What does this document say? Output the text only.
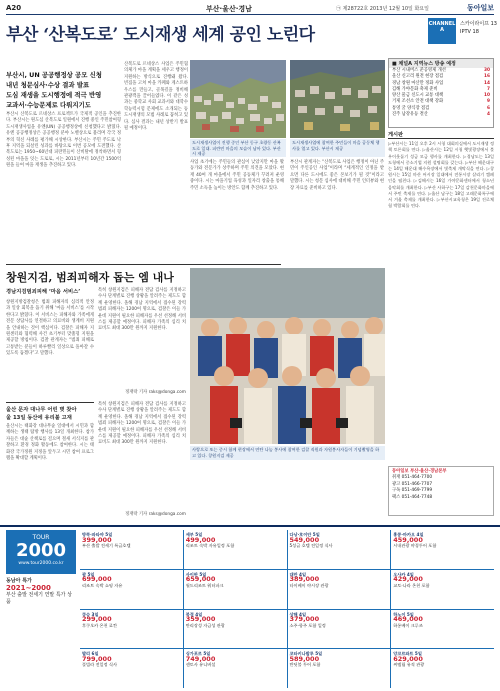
A20	부산·울산·경남	㉠ 제28722호 2013년 12월 10일 화요일	동아일보
부산 ‘산복도로’ 도시재생 세계 공인 노린다
CHANNEL A
스카이라이프 13
IPTV 18
부산시, UN 공공행정상 공모 신청
내년 청문심사·수상 결과 발표
도심 재생을 도시행정에 적극 반영
교과서·수능문제로 다뤄지기도
부산시 산복도로 르네상스 프로젝트가 국제적 공인을 추진한다. 부산시는 원도심 산복도로 일원에서 진행 중인 주민참여형 도시재생사업을 유엔(UN) 공공행정상에 신청했다고 밝혔다. 유엔 공공행정상은 공공행정 분야 노벨상으로 불리며 각국 정부의 혁신 사례를 평가해 시상한다. 부산시는 주민 주도로 낙후 지역을 되살린 성과를 바탕으로 이번 공모에 도전했다. 산복도로는 1950~60년대 피란민들이 산비탈에 정착하면서 형성된 마을을 잇는 도로로, 시는 2011년부터 10년간 1500억 원을 들여 마을 재생을 추진하고 있다.
산복도로 르네상스 사업은 주민협의체가 마을 계획을 세우고 행정이 지원하는 방식으로 진행돼 왔다. 빈집을 고쳐 마을 카페와 게스트하우스를 만들고, 골목길을 정비해 관광객을 끌어들였다. 이 같은 성과는 중학교 사회 교과서와 대학수학능력시험 문제에도 소개되는 등 도시재생의 모범 사례로 꼽히고 있다. 심사 결과는 내년 상반기 발표될 예정이다.
도시재생사업이 진행 중인 부산 동구 초량동 산복도로 일대. 피란민 마을의 모습이 남아 있다. 부산시 제공
도시재생사업에 참여한 주민들이 마을 공동체 행사를 열고 있다. 부산시 제공
사업 초기에는 주민들의 관심이 낮았지만 마을 활동가와 전문가가 상주하며 주민 의견을 모았다. 현재 40여 개 마을에서 주민 공동체가 꾸려져 운영 중이다. 시는 마을기업 육성과 일자리 창출을 통해 주민 소득을 높이는 방안도 함께 추진하고 있다.
부산시 관계자는 “산복도로 사업은 행정이 아닌 주민이 주인공인 사업”이라며 “세계적인 인정을 받으면 다른 도시에도 좋은 본보기가 될 것”이라고 말했다. 시는 청문 심사에 대비해 주민 인터뷰와 현장 자료를 준비하고 있다.
■ 채널A 지역뉴스 방송 예정
부산 시내버스 준공영제 개선	30
울산 신고리 원전 현장 점검	16
경남 창원 마산만 정화 사업	14
김해 가야문화 축제 준비	7
양산 물금 신도시 교통 대책	10
거제 조선소 안전 대책 강화	9
통영 굴 양식장 점검	6
진주 남강유등 결산	4
게시판
▷부산시는 11일 오후 2시 시청 대회의실에서 도시재생 정책 토론회를 연다. ▷울산시는 12일 시청 햇빛광장에서 불우이웃돕기 성금 모금 행사를 개최한다. ▷경남도는 13일 도청에서 중소기업 지원 설명회를 갖는다. ▷부산 해운대구는 14일 해운대 해수욕장에서 빛축제 개막식을 연다. ▷창원시는 15일 마산 어시장 일대에서 전통시장 살리기 캠페인을 펼친다. ▷김해시는 16일 가야문화센터에서 청소년 음악회를 개최한다. ▷부산 사하구는 17일 감천문화마을에서 주민 축제를 연다. ▷울산 남구는 18일 고래문화특구에서 겨울 축제를 개최한다. ▷부산시교육청은 19일 진로체험 박람회를 연다.
동아일보 부산·울산·경남본부
취재 051-464-7700
광고 051-466-7707
구독 051-469-7799
팩스 051-464-7748
창원지검, 범죄피해자 돕는 엠 내나
경남지검범죄피해 ‘마음 서비스’
창원지방검찰청은 범죄 피해자의 심리적 안정과 일상 회복을 돕기 위해 ‘마음 서비스’를 시작한다고 밝혔다. 이 서비스는 피해자와 가족에게 전문 상담사를 연결하고 의료비와 생계비 지원을 안내하는 것이 핵심이다. 검찰은 피해자 지원센터와 협력해 사건 초기부터 맞춤형 지원을 제공할 방침이다. 검찰 관계자는 “범죄 피해로 고통받는 분들이 하루빨리 일상으로 돌아갈 수 있도록 돕겠다”고 말했다.
특히 창원지검은 피해자 전담 검사를 지정하고 수사 단계별로 진행 상황을 알려주는 제도도 함께 운영한다. 올해 경남 지역에서 접수된 강력범죄 피해자는 1200여 명으로, 검찰은 이들 가운데 지원이 필요한 피해자를 우선 선정해 서비스를 제공할 예정이다. 피해자 가족의 심리 치료비도 최대 300만 원까지 지원한다.
정재락 기자 raks@donga.com
울산 문자 대나무 어린 볏 찾아
울 13일 동산에 유리불 고재
울산시는 태화강 대나무숲 일대에서 시민과 함께하는 생태 탐방 행사를 13일 개최한다. 참가자들은 대숲 산책로를 걸으며 철새 서식지를 관찰하고 환경 정화 활동에도 참여한다. 시는 태화강 국가정원 지정을 앞두고 시민 참여 프로그램을 확대할 계획이다.
특히 창원지검은 피해자 전담 검사를 지정하고 수사 단계별로 진행 상황을 알려주는 제도도 함께 운영한다. 올해 경남 지역에서 접수된 강력범죄 피해자는 1200여 명으로, 검찰은 이들 가운데 지원이 필요한 피해자를 우선 선정해 서비스를 제공할 예정이다. 피해자 가족의 심리 치료비도 최대 300만 원까지 지원한다.
정재락 기자 raks@donga.com
사랑으로 또는 중시 함께 현장에서 연탄 나눔 봉사에 참여한 검찰 직원과 자원봉사자들이 기념촬영을 하고 있다. 창원지검 제공
TOUR
2000
www.tour2000.co.kr
동남아 특가
2021~2000
부산 출발 전세기 연말 특가 상품
방콕·파타야 5일
399,000
부산 출발 전세기 특급호텔
세부 5일
499,000
리조트 숙박 자유일정 포함
다낭·호이안 5일
549,000
5성급 호텔 전일정 식사
홍콩·마카오 4일
459,000
시내관광 야경투어 포함
괌 5일
699,000
리조트 숙박 쇼핑 자유
사이판 5일
659,000
월드리조트 워터파크
대만 4일
389,000
타이베이 야시장 관광
오사카 4일
429,000
교토·나라 온천 포함
큐슈 3일
299,000
후쿠오카 온천 료칸
북경 4일
359,000
만리장성 자금성 관광
상해 4일
379,000
소주·항주 포함 일정
하노이 5일
469,000
하롱베이 크루즈
발리 6일
799,000
풀빌라 전일정 식사
싱가포르 5일
749,000
센토사 유니버설
코타키나발루 5일
589,000
반딧불 투어 포함
앙코르와트 5일
629,000
씨엠립 유적 관광
